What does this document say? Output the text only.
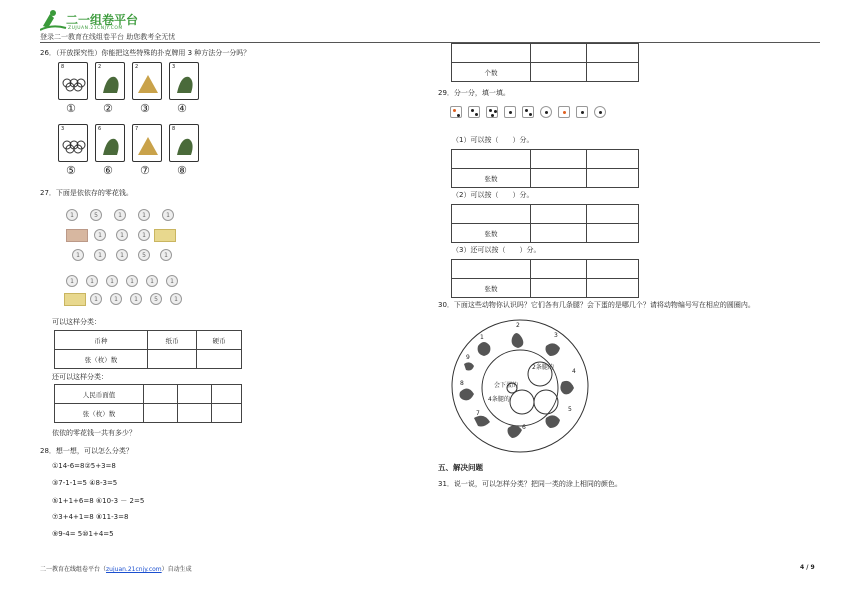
二一组卷平台
ZUJUAN.21CNJY.COM
登录二一教育在线组卷平台 助您教考全无忧
26．（开放探究性）你能把这些特殊的扑克牌用 3 种方法分一分吗？
8	2	2	3
① ② ③ ④
3	6	7	8
⑤ ⑥ ⑦ ⑧
27．下面是依依存的零花钱。
1	5	1	1	1
1	1	1
1	1	1	5	1
1	1	1	1	1	1
1	1	1	5	1
可以这样分类：
币种	纸币	硬币
张（枚）数		
还可以这样分类：
人民币面值			
张（枚）数			
依依的零花钱一共有多少？
28．想一想，可以怎么分类？
①14-6=8②5+3=8
③7-1-1=5 ④8-3=5
⑤1+1+6=8 ⑥10-3 － 2=5
⑦3+4+1=8 ⑧11-3=8
⑨9-4= 5⑩1+4=5

个数		
29．分一分，填一填。
（1）可以按（　　）分。

张数		
（2）可以按（　　）分。

张数		
（3）还可以按（　　）分。

张数		
30．下面这些动物你认识吗？它们各有几条腿？会下蛋的是哪几个？请将动物编号写在相应的圆圈内。
2条腿的
4条腿的
会下蛋的
1
2
3
4
5
6
7
8
9
五、解决问题
31．说一说，可以怎样分类？把同一类的涂上相同的颜色。
二一教育在线组卷平台（zujuan.21cnjy.com）自动生成	4 / 9
